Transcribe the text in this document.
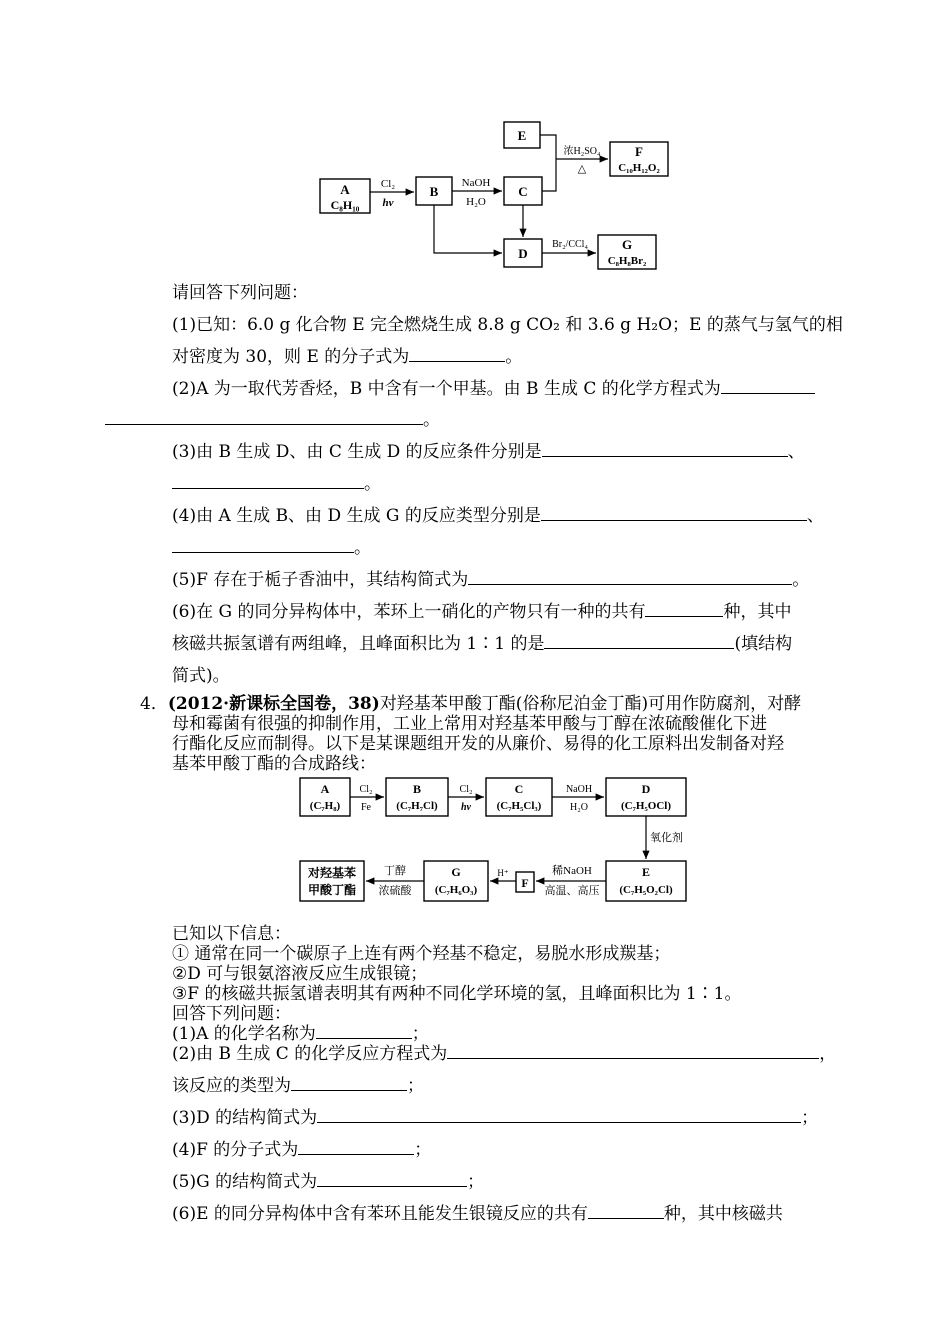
A
C₈H₁₀
Cl₂
hv
B
NaOH
H₂O
C
E
浓H₂SO₄
△
F
C₁₀H₁₂O₂
D
Br₂/CCl₄	G
C₈H₈Br₂
请回答下列问题：
(1)已知：6.0 g 化合物 E 完全燃烧生成 8.8 g CO₂ 和 3.6 g H₂O；E 的蒸气与氢气的相
对密度为 30，则 E 的分子式为	。
(2)A 为一取代芳香烃，B 中含有一个甲基。由 B 生成 C 的化学方程式为
。
(3)由 B 生成 D、由 C 生成 D 的反应条件分别是	、
。
(4)由 A 生成 B、由 D 生成 G 的反应类型分别是	、
。
(5)F 存在于栀子香油中，其结构简式为	。
(6)在 G 的同分异构体中，苯环上一硝化的产物只有一种的共有	种，其中
核磁共振氢谱有两组峰，且峰面积比为 1∶1 的是	(填结构
简式)。
4．(2012·新课标全国卷，38)对羟基苯甲酸丁酯(俗称尼泊金丁酯)可用作防腐剂，对酵
母和霉菌有很强的抑制作用，工业上常用对羟基苯甲酸与丁醇在浓硫酸催化下进
行酯化反应而制得。以下是某课题组开发的从廉价、易得的化工原料出发制备对羟
基苯甲酸丁酯的合成路线：
A
(C₇H₈)
Cl₂
Fe
B
(C₇H₇Cl)
Cl₂
hv
C
(C₇H₅Cl₃)
NaOH
H₂O
D
(C₇H₅OCl)
氧化剂
E
(C₇H₅O₂Cl)
稀NaOH
高温、高压
F
H⁺
G
(C₇H₆O₃)
丁醇
浓硫酸
对羟基苯
甲酸丁酯
已知以下信息：
① 通常在同一个碳原子上连有两个羟基不稳定，易脱水形成羰基；
②D 可与银氨溶液反应生成银镜；
③F 的核磁共振氢谱表明其有两种不同化学环境的氢，且峰面积比为 1∶1。
回答下列问题：
(1)A 的化学名称为	；
(2)由 B 生成 C 的化学反应方程式为	，
该反应的类型为	；
(3)D 的结构简式为	；
(4)F 的分子式为	；
(5)G 的结构简式为	；
(6)E 的同分异构体中含有苯环且能发生银镜反应的共有	种，其中核磁共
